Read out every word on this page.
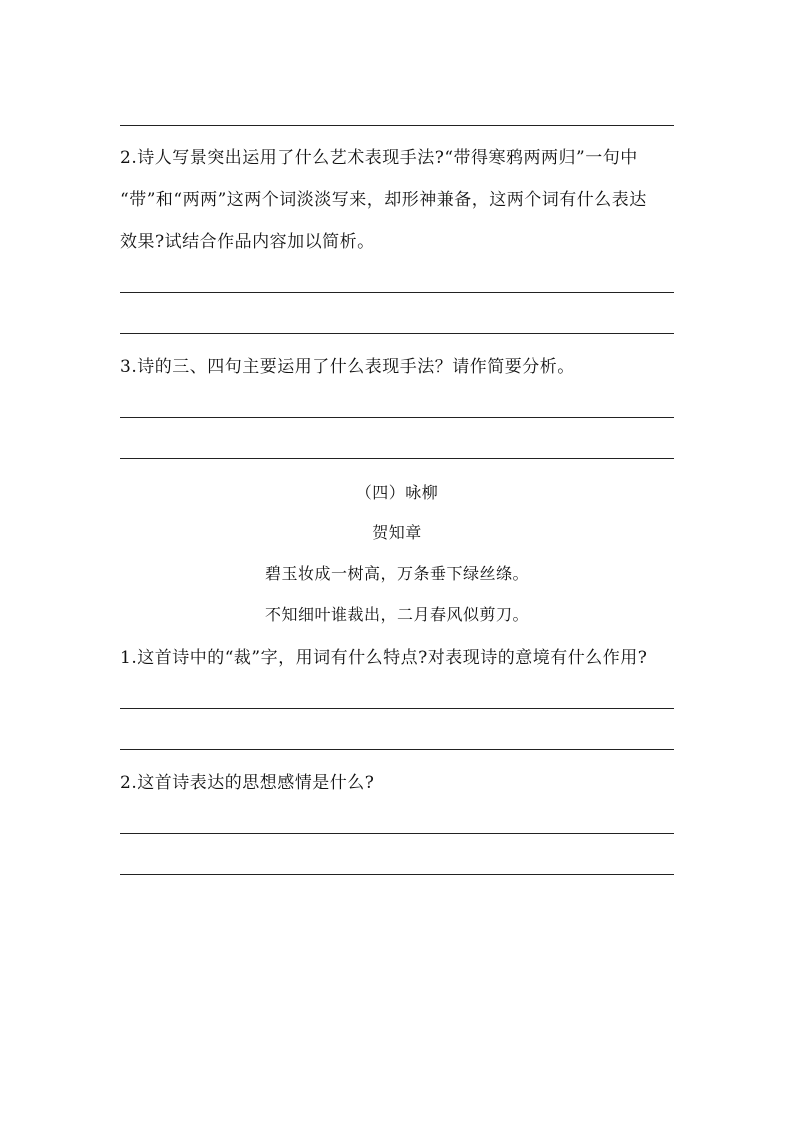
2.诗人写景突出运用了什么艺术表现手法?“带得寒鸦两两归”一句中
“带”和“两两”这两个词淡淡写来，却形神兼备，这两个词有什么表达
效果?试结合作品内容加以简析。
3.诗的三、四句主要运用了什么表现手法？请作简要分析。
（四）咏柳
贺知章
碧玉妆成一树高，万条垂下绿丝绦。
不知细叶谁裁出，二月春风似剪刀。
1.这首诗中的“裁”字，用词有什么特点?对表现诗的意境有什么作用?
2.这首诗表达的思想感情是什么?
